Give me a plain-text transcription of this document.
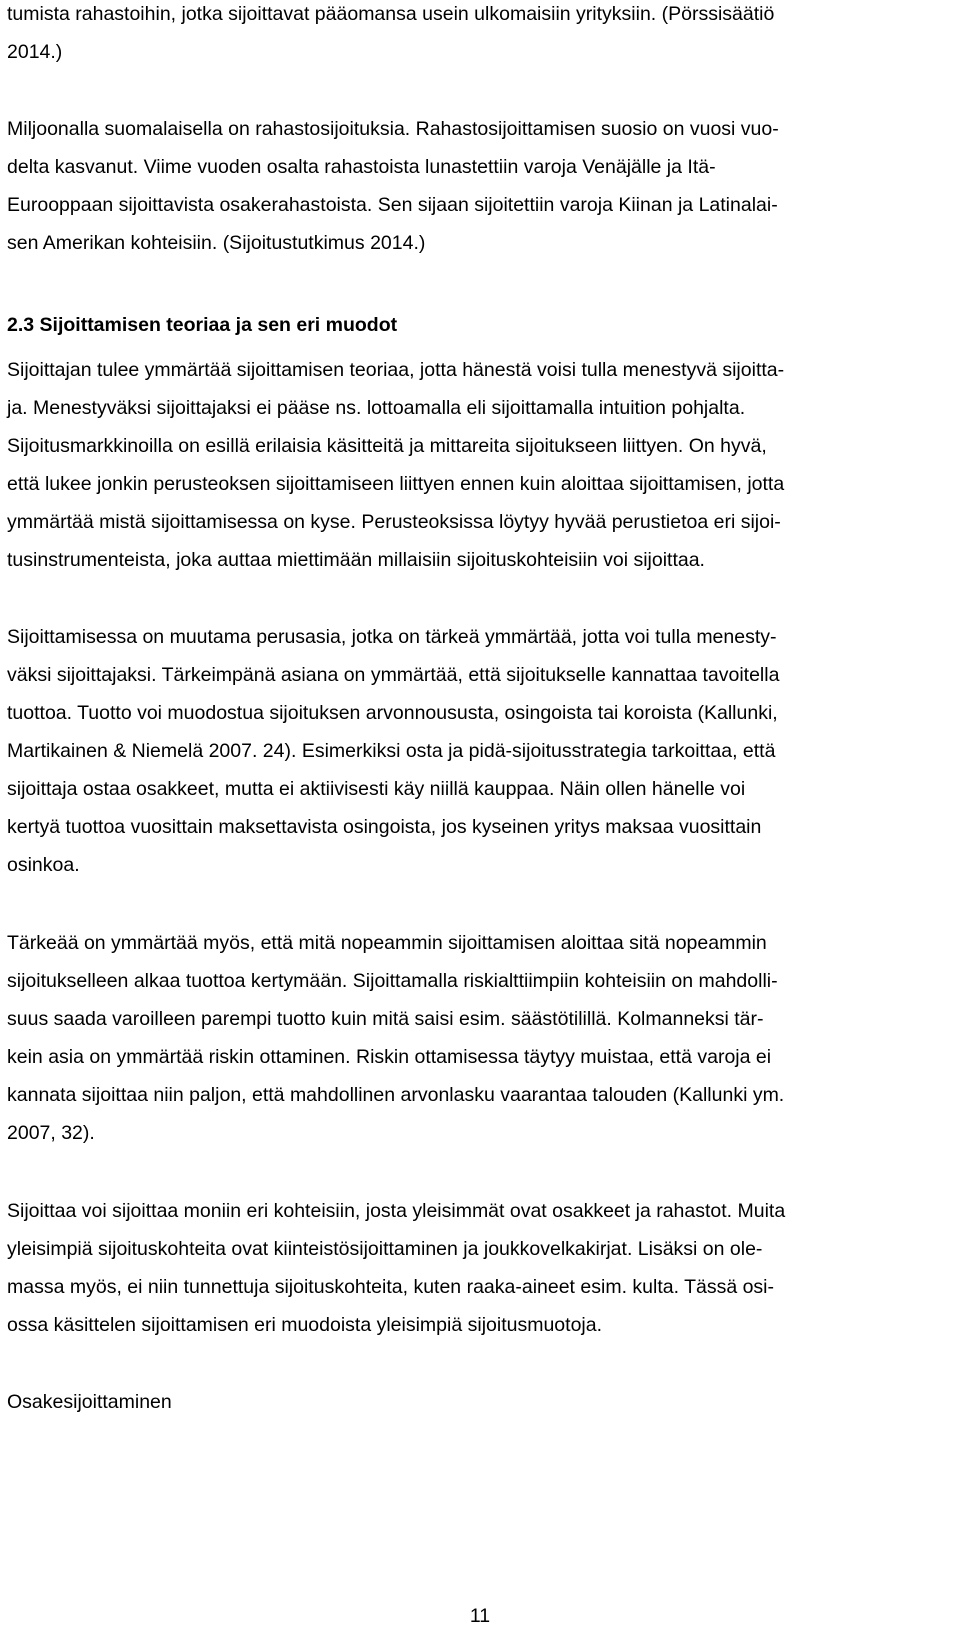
tumista rahastoihin, jotka sijoittavat pääomansa usein ulkomaisiin yrityksiin. (Pörssisäätiö

2014.)

Miljoonalla suomalaisella on rahastosijoituksia. Rahastosijoittamisen suosio on vuosi vuo-

delta kasvanut. Viime vuoden osalta rahastoista lunastettiin varoja Venäjälle ja Itä-

Eurooppaan sijoittavista osakerahastoista. Sen sijaan sijoitettiin varoja Kiinan ja Latinalai-

sen Amerikan kohteisiin. (Sijoitustutkimus 2014.)

2.3 Sijoittamisen teoriaa ja sen eri muodot

Sijoittajan tulee ymmärtää sijoittamisen teoriaa, jotta hänestä voisi tulla menestyvä sijoitta-

ja. Menestyväksi sijoittajaksi ei pääse ns. lottoamalla eli sijoittamalla intuition pohjalta.

Sijoitusmarkkinoilla on esillä erilaisia käsitteitä ja mittareita sijoitukseen liittyen. On hyvä,

että lukee jonkin perusteoksen sijoittamiseen liittyen ennen kuin aloittaa sijoittamisen, jotta

ymmärtää mistä sijoittamisessa on kyse. Perusteoksissa löytyy hyvää perustietoa eri sijoi-

tusinstrumenteista, joka auttaa miettimään millaisiin sijoituskohteisiin voi sijoittaa.

Sijoittamisessa on muutama perusasia, jotka on tärkeä ymmärtää, jotta voi tulla menesty-

väksi sijoittajaksi. Tärkeimpänä asiana on ymmärtää, että sijoitukselle kannattaa tavoitella

tuottoa. Tuotto voi muodostua sijoituksen arvonnoususta, osingoista tai koroista (Kallunki,

Martikainen & Niemelä 2007. 24). Esimerkiksi osta ja pidä-sijoitusstrategia tarkoittaa, että

sijoittaja ostaa osakkeet, mutta ei aktiivisesti käy niillä kauppaa. Näin ollen hänelle voi

kertyä tuottoa vuosittain maksettavista osingoista, jos kyseinen yritys maksaa vuosittain

osinkoa.

Tärkeää on ymmärtää myös, että mitä nopeammin sijoittamisen aloittaa sitä nopeammin

sijoitukselleen alkaa tuottoa kertymään. Sijoittamalla riskialttiimpiin kohteisiin on mahdolli-

suus saada varoilleen parempi tuotto kuin mitä saisi esim. säästötilillä. Kolmanneksi tär-

kein asia on ymmärtää riskin ottaminen. Riskin ottamisessa täytyy muistaa, että varoja ei

kannata sijoittaa niin paljon, että mahdollinen arvonlasku vaarantaa talouden (Kallunki ym.

2007, 32).

Sijoittaa voi sijoittaa moniin eri kohteisiin, josta yleisimmät ovat osakkeet ja rahastot. Muita

yleisimpiä sijoituskohteita ovat kiinteistösijoittaminen ja joukkovelkakirjat. Lisäksi on ole-

massa myös, ei niin tunnettuja sijoituskohteita, kuten raaka-aineet esim. kulta. Tässä osi-

ossa käsittelen sijoittamisen eri muodoista yleisimpiä sijoitusmuotoja.

Osakesijoittaminen

11
